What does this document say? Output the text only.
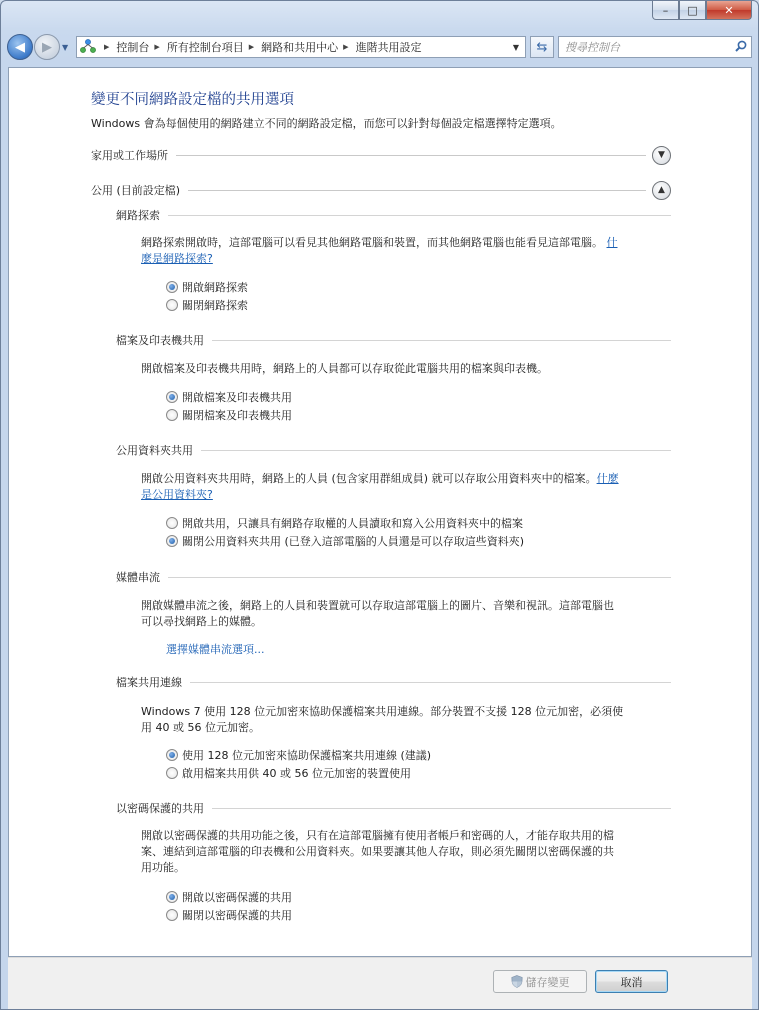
–	□	✕
◀	▶	▼	▶ 控制台 ▶ 所有控制台項目 ▶ 網路和共用中心 ▶ 進階共用設定	▼	⇆
搜尋控制台
變更不同網路設定檔的共用選項
Windows 會為每個使用的網路建立不同的網路設定檔，而您可以針對每個設定檔選擇特定選項。
家用或工作場所	▼
公用 (目前設定檔)	▲
網路探索
網路探索開啟時，這部電腦可以看見其他網路電腦和裝置，而其他網路電腦也能看見這部電腦。 什
麼是網路探索?
開啟網路探索
關閉網路探索
檔案及印表機共用
開啟檔案及印表機共用時，網路上的人員都可以存取從此電腦共用的檔案與印表機。
開啟檔案及印表機共用
關閉檔案及印表機共用
公用資料夾共用
開啟公用資料夾共用時，網路上的人員 (包含家用群組成員) 就可以存取公用資料夾中的檔案。什麼
是公用資料夾?
開啟共用，只讓具有網路存取權的人員讀取和寫入公用資料夾中的檔案
關閉公用資料夾共用 (已登入這部電腦的人員還是可以存取這些資料夾)
媒體串流
開啟媒體串流之後，網路上的人員和裝置就可以存取這部電腦上的圖片、音樂和視訊。這部電腦也
可以尋找網路上的媒體。
選擇媒體串流選項...
檔案共用連線
Windows 7 使用 128 位元加密來協助保護檔案共用連線。部分裝置不支援 128 位元加密，必須使
用 40 或 56 位元加密。
使用 128 位元加密來協助保護檔案共用連線 (建議)
啟用檔案共用供 40 或 56 位元加密的裝置使用
以密碼保護的共用
開啟以密碼保護的共用功能之後，只有在這部電腦擁有使用者帳戶和密碼的人，才能存取共用的檔
案、連結到這部電腦的印表機和公用資料夾。如果要讓其他人存取，則必須先關閉以密碼保護的共
用功能。
開啟以密碼保護的共用
關閉以密碼保護的共用
儲存變更	取消
